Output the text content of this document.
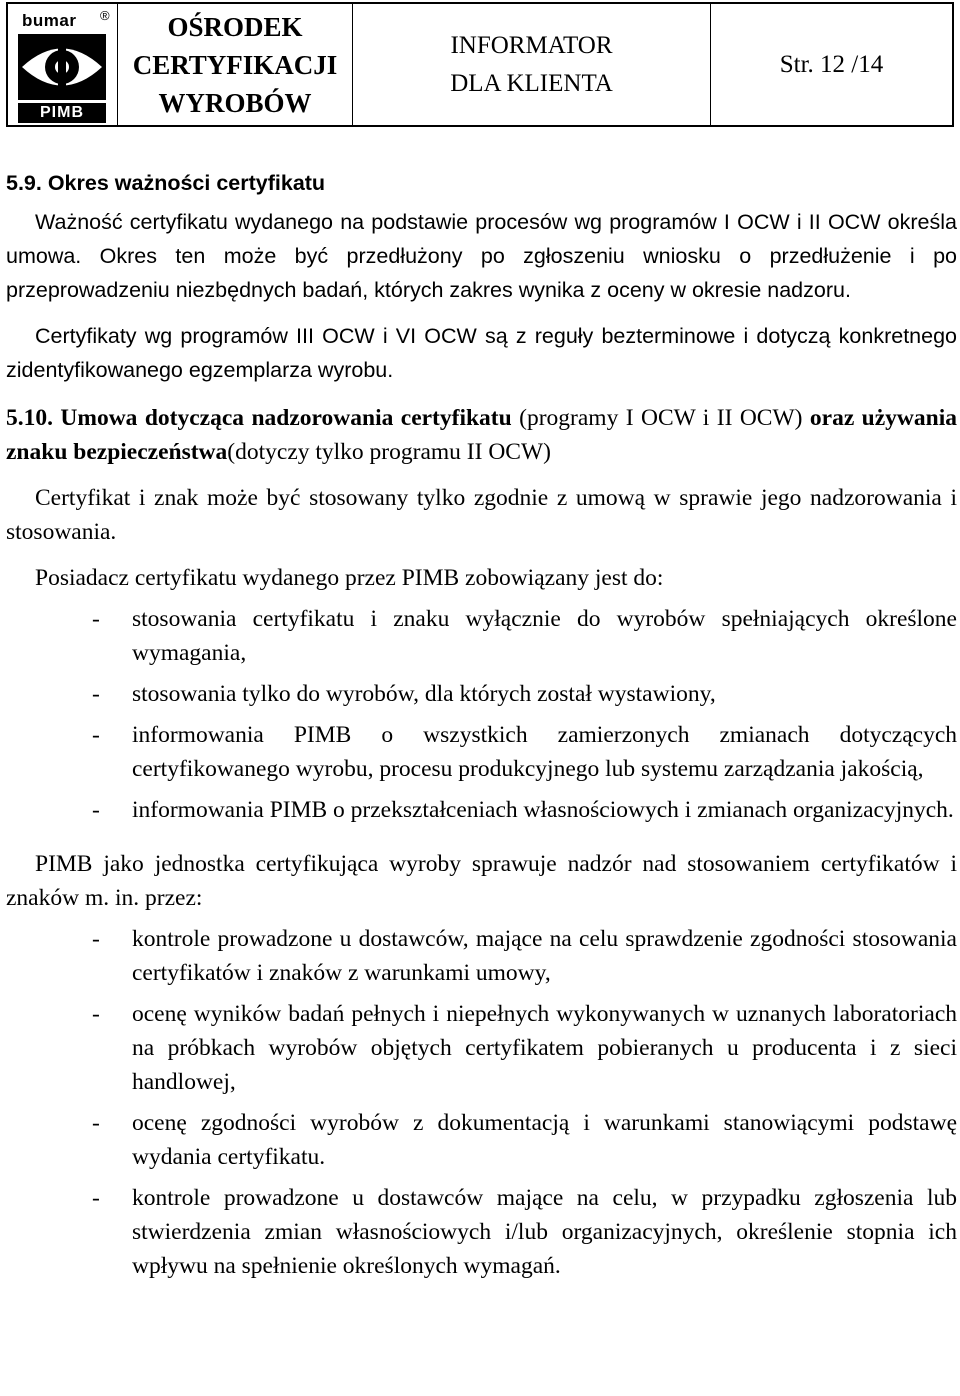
bumar ®
PIMB
OŚRODEK
CERTYFIKACJI
WYROBÓW
INFORMATOR
DLA KLIENTA
Str. 12 /14
5.9. Okres ważności certyfikatu

Ważność certyfikatu wydanego na podstawie procesów wg programów I OCW i II OCW określa umowa. Okres ten może być przedłużony po zgłoszeniu wniosku o przedłużenie i po przeprowadzeniu niezbędnych badań, których zakres wynika z oceny w okresie nadzoru.

Certyfikaty wg programów III OCW i VI OCW są z reguły bezterminowe i dotyczą konkretnego zidentyfikowanego egzemplarza wyrobu.

5.10. Umowa dotycząca nadzorowania certyfikatu (programy I OCW i II OCW) oraz używania znaku bezpieczeństwa(dotyczy tylko programu II OCW)

Certyfikat i znak może być stosowany tylko zgodnie z umową w sprawie jego nadzorowania i stosowania.

Posiadacz certyfikatu wydanego przez PIMB zobowiązany jest do:

- stosowania certyfikatu i znaku wyłącznie do wyrobów spełniających określone wymagania,
- stosowania tylko do wyrobów, dla których został wystawiony,
- informowania PIMB o wszystkich zamierzonych zmianach dotyczących certyfikowanego wyrobu, procesu produkcyjnego lub systemu zarządzania jakością,
- informowania PIMB o przekształceniach własnościowych i zmianach organizacyjnych.

PIMB jako jednostka certyfikująca wyroby sprawuje nadzór nad stosowaniem certyfikatów i znaków m. in. przez:

- kontrole prowadzone u dostawców, mające na celu sprawdzenie zgodności stosowania certyfikatów i znaków z warunkami umowy,
- ocenę wyników badań pełnych i niepełnych wykonywanych w uznanych laboratoriach na próbkach wyrobów objętych certyfikatem pobieranych u producenta i z sieci handlowej,
- ocenę zgodności wyrobów z dokumentacją i warunkami stanowiącymi podstawę wydania certyfikatu.
- kontrole prowadzone u dostawców mające na celu, w przypadku zgłoszenia lub stwierdzenia zmian własnościowych i/lub organizacyjnych, określenie stopnia ich wpływu na spełnienie określonych wymagań.
